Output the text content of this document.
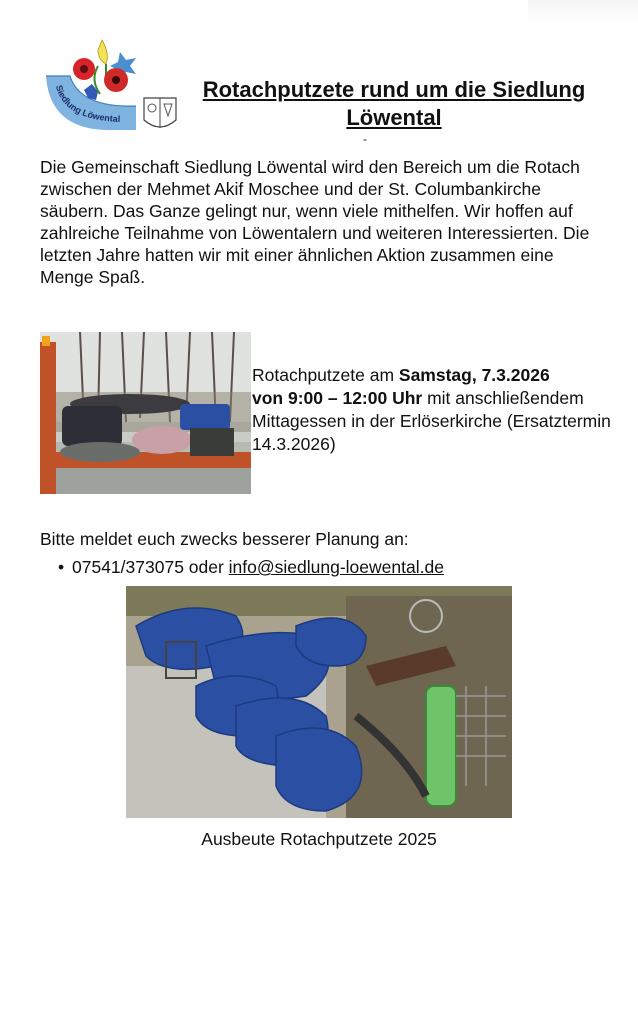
Siedlung Löwental
Rotachputzete rund um die Siedlung Löwental
-

Die Gemeinschaft Siedlung Löwental wird den Bereich um die Rotach zwischen der Mehmet Akif Moschee und der St. Columbankirche säubern. Das Ganze gelingt nur, wenn viele mithelfen. Wir hoffen auf zahlreiche Teilnahme von Löwentalern und weiteren Interessierten. Die letzten Jahre hatten wir mit einer ähnlichen Aktion zusammen eine Menge Spaß.

Rotachputzete am Samstag, 7.3.2026
von 9:00 – 12:00 Uhr mit anschließendem Mittagessen in der Erlöserkirche (Ersatztermin 14.3.2026)

Bitte meldet euch zwecks besserer Planung an:

• 07541/373075 oder info@siedlung-loewental.de

Ausbeute Rotachputzete 2025
